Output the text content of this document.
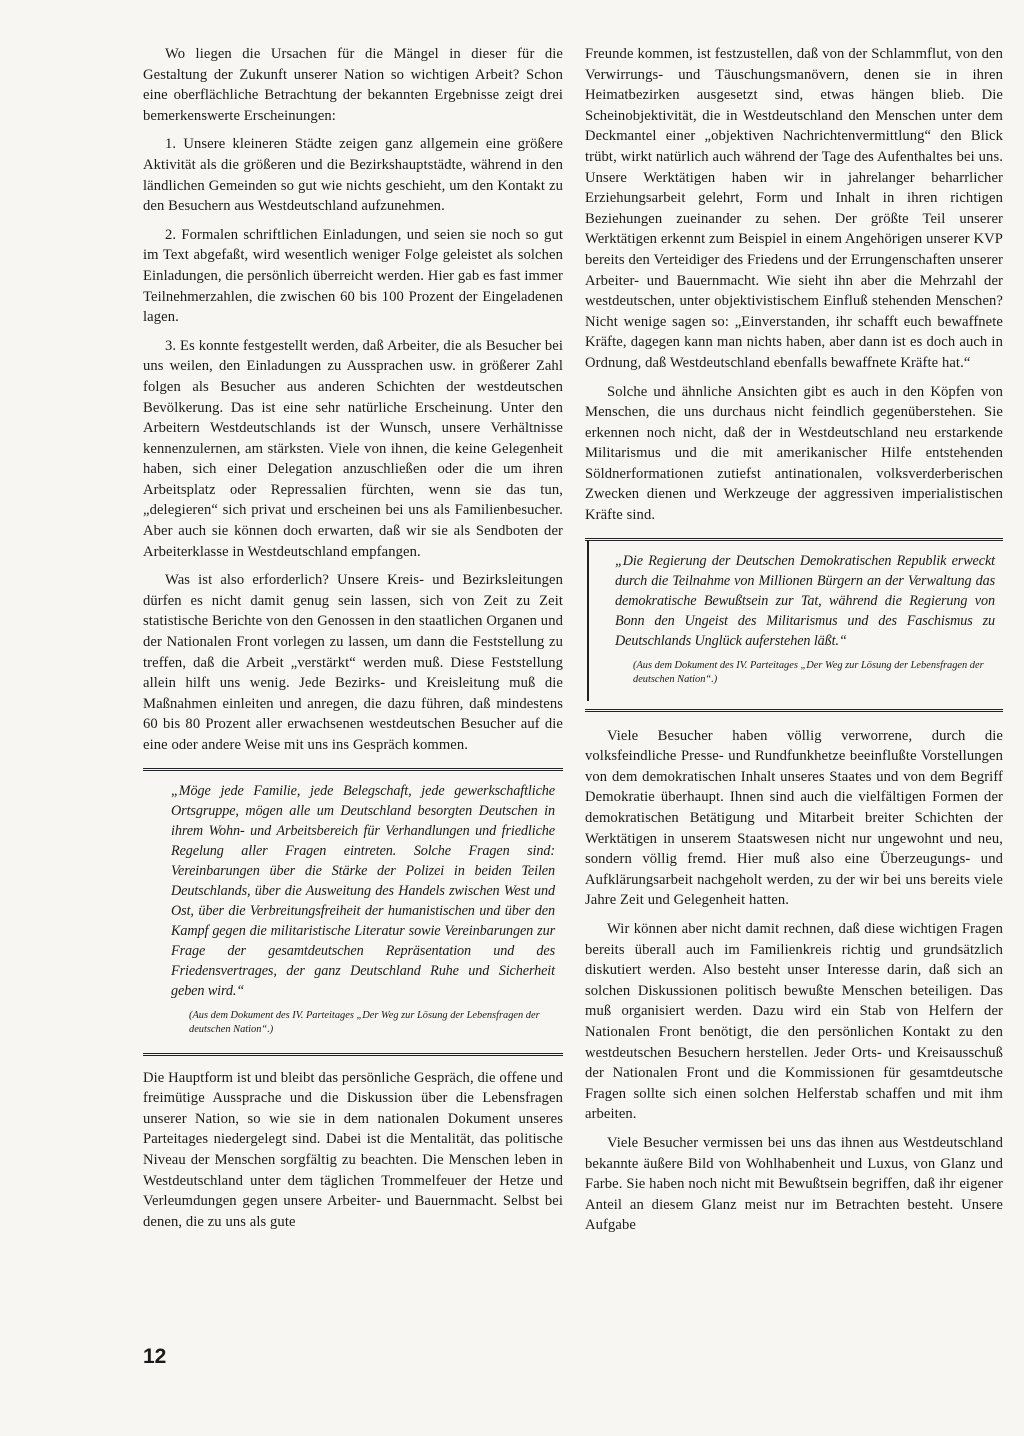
Wo liegen die Ursachen für die Mängel in dieser für die Gestaltung der Zukunft unserer Nation so wichtigen Arbeit? Schon eine oberflächliche Betrachtung der bekannten Ergebnisse zeigt drei bemerkenswerte Erscheinungen:

1. Unsere kleineren Städte zeigen ganz allgemein eine größere Aktivität als die größeren und die Bezirkshauptstädte, während in den ländlichen Gemeinden so gut wie nichts geschieht, um den Kontakt zu den Besuchern aus Westdeutschland aufzunehmen.

2. Formalen schriftlichen Einladungen, und seien sie noch so gut im Text abgefaßt, wird wesentlich weniger Folge geleistet als solchen Einladungen, die persönlich überreicht werden. Hier gab es fast immer Teilnehmerzahlen, die zwischen 60 bis 100 Prozent der Eingeladenen lagen.

3. Es konnte festgestellt werden, daß Arbeiter, die als Besucher bei uns weilen, den Einladungen zu Aussprachen usw. in größerer Zahl folgen als Besucher aus anderen Schichten der westdeutschen Bevölkerung. Das ist eine sehr natürliche Erscheinung. Unter den Arbeitern Westdeutschlands ist der Wunsch, unsere Verhältnisse kennenzulernen, am stärksten. Viele von ihnen, die keine Gelegenheit haben, sich einer Delegation anzuschließen oder die um ihren Arbeitsplatz oder Repressalien fürchten, wenn sie das tun, „delegieren“ sich privat und erscheinen bei uns als Familienbesucher. Aber auch sie können doch erwarten, daß wir sie als Sendboten der Arbeiterklasse in Westdeutschland empfangen.

Was ist also erforderlich? Unsere Kreis- und Bezirksleitungen dürfen es nicht damit genug sein lassen, sich von Zeit zu Zeit statistische Berichte von den Genossen in den staatlichen Organen und der Nationalen Front vorlegen zu lassen, um dann die Feststellung zu treffen, daß die Arbeit „verstärkt“ werden muß. Diese Feststellung allein hilft uns wenig. Jede Bezirks- und Kreisleitung muß die Maßnahmen einleiten und anregen, die dazu führen, daß mindestens 60 bis 80 Prozent aller erwachsenen westdeutschen Besucher auf die eine oder andere Weise mit uns ins Gespräch kommen.

„Möge jede Familie, jede Belegschaft, jede gewerkschaftliche Ortsgruppe, mögen alle um Deutschland besorgten Deutschen in ihrem Wohn- und Arbeitsbereich für Verhandlungen und friedliche Regelung aller Fragen eintreten. Solche Fragen sind: Vereinbarungen über die Stärke der Polizei in beiden Teilen Deutschlands, über die Ausweitung des Handels zwischen West und Ost, über die Verbreitungsfreiheit der humanistischen und über den Kampf gegen die militaristische Literatur sowie Vereinbarungen zur Frage der gesamtdeutschen Repräsentation und des Friedensvertrages, der ganz Deutschland Ruhe und Sicherheit geben wird.“

(Aus dem Dokument des IV. Parteitages „Der Weg zur Lösung der Lebensfragen der deutschen Nation“.)

Die Hauptform ist und bleibt das persönliche Gespräch, die offene und freimütige Aussprache und die Diskussion über die Lebensfragen unserer Nation, so wie sie in dem nationalen Dokument unseres Parteitages niedergelegt sind. Dabei ist die Mentalität, das politische Niveau der Menschen sorgfältig zu beachten. Die Menschen leben in Westdeutschland unter dem täglichen Trommelfeuer der Hetze und Verleumdungen gegen unsere Arbeiter- und Bauernmacht. Selbst bei denen, die zu uns als gute

Freunde kommen, ist festzustellen, daß von der Schlammflut, von den Verwirrungs- und Täuschungsmanövern, denen sie in ihren Heimatbezirken ausgesetzt sind, etwas hängen blieb. Die Scheinobjektivität, die in Westdeutschland den Menschen unter dem Deckmantel einer „objektiven Nachrichtenvermittlung“ den Blick trübt, wirkt natürlich auch während der Tage des Aufenthaltes bei uns. Unsere Werktätigen haben wir in jahrelanger beharrlicher Erziehungsarbeit gelehrt, Form und Inhalt in ihren richtigen Beziehungen zueinander zu sehen. Der größte Teil unserer Werktätigen erkennt zum Beispiel in einem Angehörigen unserer KVP bereits den Verteidiger des Friedens und der Errungenschaften unserer Arbeiter- und Bauernmacht. Wie sieht ihn aber die Mehrzahl der westdeutschen, unter objektivistischem Einfluß stehenden Menschen? Nicht wenige sagen so: „Einverstanden, ihr schafft euch bewaffnete Kräfte, dagegen kann man nichts haben, aber dann ist es doch auch in Ordnung, daß Westdeutschland ebenfalls bewaffnete Kräfte hat.“

Solche und ähnliche Ansichten gibt es auch in den Köpfen von Menschen, die uns durchaus nicht feindlich gegenüberstehen. Sie erkennen noch nicht, daß der in Westdeutschland neu erstarkende Militarismus und die mit amerikanischer Hilfe entstehenden Söldnerformationen zutiefst antinationalen, volksverderberischen Zwecken dienen und Werkzeuge der aggressiven imperialistischen Kräfte sind.

„Die Regierung der Deutschen Demokratischen Republik erweckt durch die Teilnahme von Millionen Bürgern an der Verwaltung das demokratische Bewußtsein zur Tat, während die Regierung von Bonn den Ungeist des Militarismus und des Faschismus zu Deutschlands Unglück auferstehen läßt.“

(Aus dem Dokument des IV. Parteitages „Der Weg zur Lösung der Lebensfragen der deutschen Nation“.)

Viele Besucher haben völlig verworrene, durch die volksfeindliche Presse- und Rundfunkhetze beeinflußte Vorstellungen von dem demokratischen Inhalt unseres Staates und von dem Begriff Demokratie überhaupt. Ihnen sind auch die vielfältigen Formen der demokratischen Betätigung und Mitarbeit breiter Schichten der Werktätigen in unserem Staatswesen nicht nur ungewohnt und neu, sondern völlig fremd. Hier muß also eine Überzeugungs- und Aufklärungsarbeit nachgeholt werden, zu der wir bei uns bereits viele Jahre Zeit und Gelegenheit hatten.

Wir können aber nicht damit rechnen, daß diese wichtigen Fragen bereits überall auch im Familienkreis richtig und grundsätzlich diskutiert werden. Also besteht unser Interesse darin, daß sich an solchen Diskussionen politisch bewußte Menschen beteiligen. Das muß organisiert werden. Dazu wird ein Stab von Helfern der Nationalen Front benötigt, die den persönlichen Kontakt zu den westdeutschen Besuchern herstellen. Jeder Orts- und Kreisausschuß der Nationalen Front und die Kommissionen für gesamtdeutsche Fragen sollte sich einen solchen Helferstab schaffen und mit ihm arbeiten.

Viele Besucher vermissen bei uns das ihnen aus Westdeutschland bekannte äußere Bild von Wohlhabenheit und Luxus, von Glanz und Farbe. Sie haben noch nicht mit Bewußtsein begriffen, daß ihr eigener Anteil an diesem Glanz meist nur im Betrachten besteht. Unsere Aufgabe

12
